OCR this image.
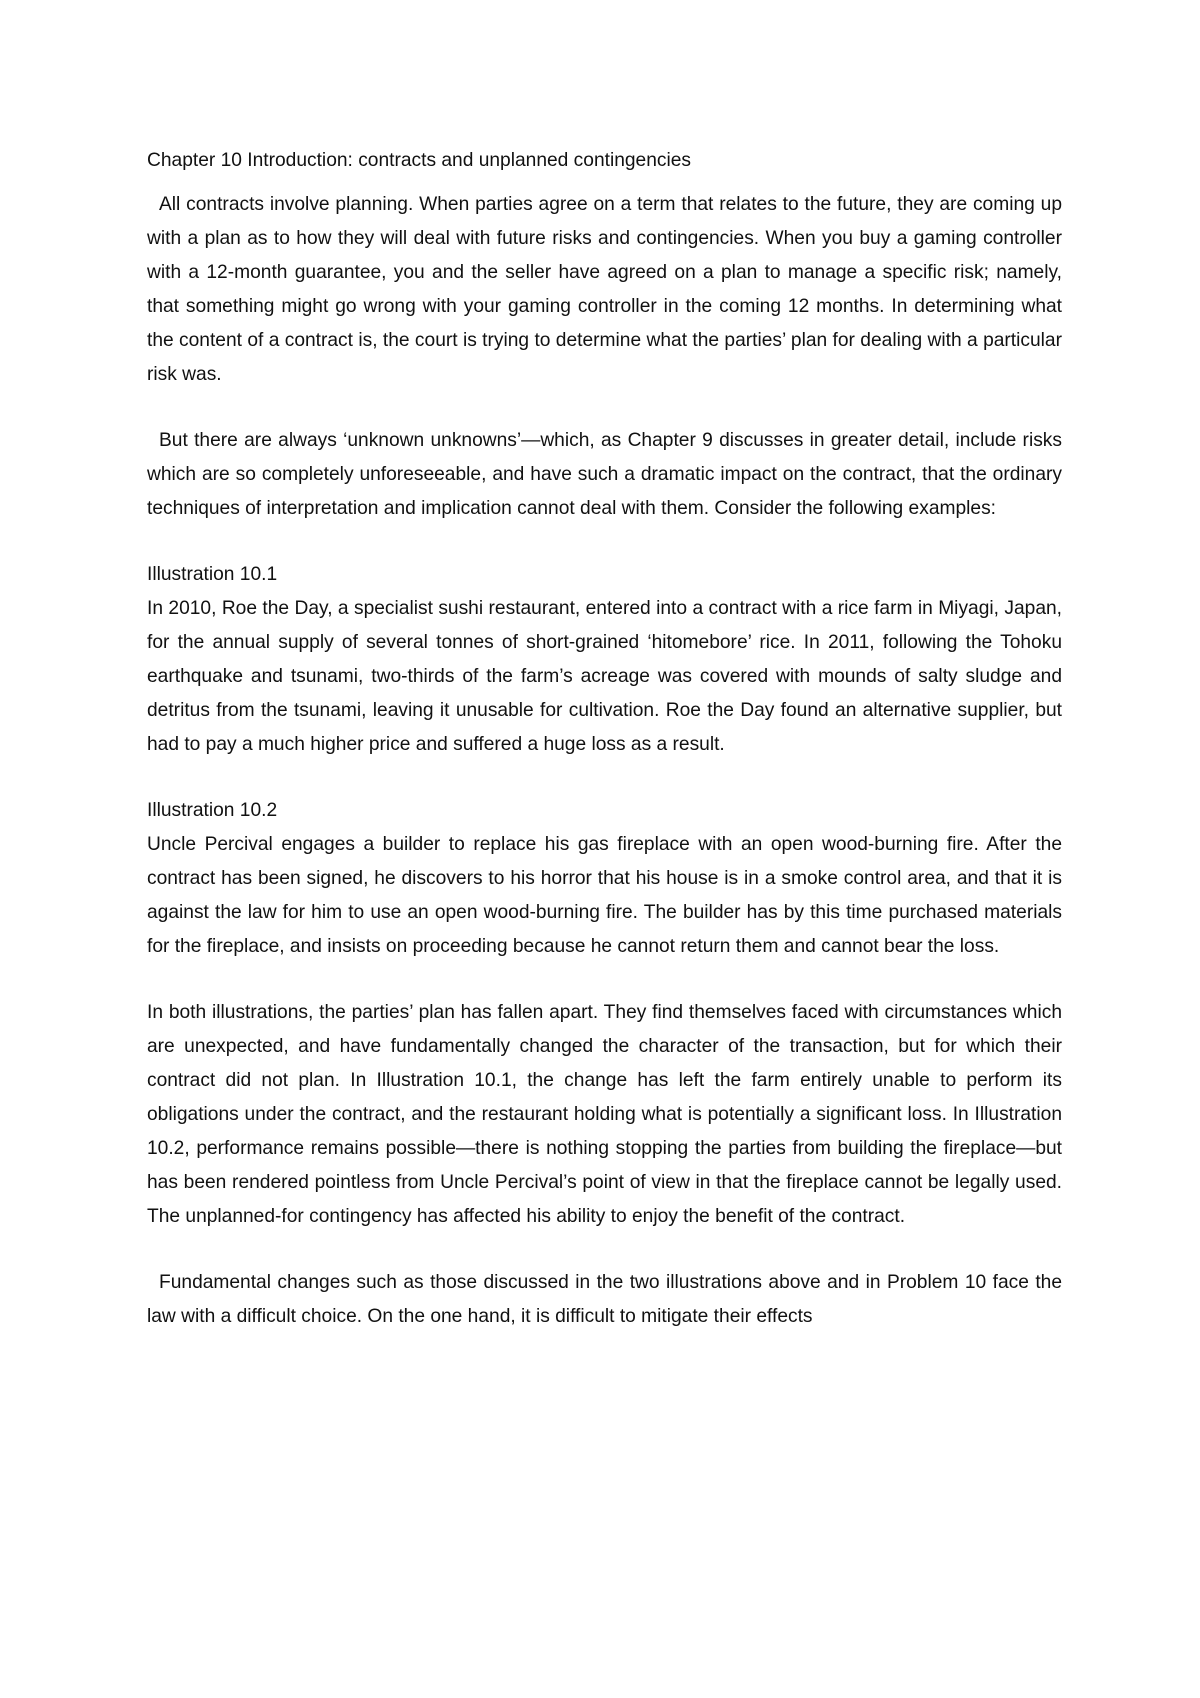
Chapter 10 Introduction: contracts and unplanned contingencies

All contracts involve planning. When parties agree on a term that relates to the future, they are coming up with a plan as to how they will deal with future risks and contingencies. When you buy a gaming controller with a 12-month guarantee, you and the seller have agreed on a plan to manage a specific risk; namely, that something might go wrong with your gaming controller in the coming 12 months. In determining what the content of a contract is, the court is trying to determine what the parties’ plan for dealing with a particular risk was.

But there are always ‘unknown unknowns’—which, as Chapter 9 discusses in greater detail, include risks which are so completely unforeseeable, and have such a dramatic impact on the contract, that the ordinary techniques of interpretation and implication cannot deal with them. Consider the following examples:

Illustration 10.1

In 2010, Roe the Day, a specialist sushi restaurant, entered into a contract with a rice farm in Miyagi, Japan, for the annual supply of several tonnes of short-grained ‘hitomebore’ rice. In 2011, following the Tohoku earthquake and tsunami, two-thirds of the farm’s acreage was covered with mounds of salty sludge and detritus from the tsunami, leaving it unusable for cultivation. Roe the Day found an alternative supplier, but had to pay a much higher price and suffered a huge loss as a result.

Illustration 10.2

Uncle Percival engages a builder to replace his gas fireplace with an open wood-burning fire. After the contract has been signed, he discovers to his horror that his house is in a smoke control area, and that it is against the law for him to use an open wood-burning fire. The builder has by this time purchased materials for the fireplace, and insists on proceeding because he cannot return them and cannot bear the loss.

In both illustrations, the parties’ plan has fallen apart. They find themselves faced with circumstances which are unexpected, and have fundamentally changed the character of the transaction, but for which their contract did not plan. In Illustration 10.1, the change has left the farm entirely unable to perform its obligations under the contract, and the restaurant holding what is potentially a significant loss. In Illustration 10.2, performance remains possible—there is nothing stopping the parties from building the fireplace—but has been rendered pointless from Uncle Percival’s point of view in that the fireplace cannot be legally used. The unplanned-for contingency has affected his ability to enjoy the benefit of the contract.

Fundamental changes such as those discussed in the two illustrations above and in Problem 10 face the law with a difficult choice. On the one hand, it is difficult to mitigate their effects
